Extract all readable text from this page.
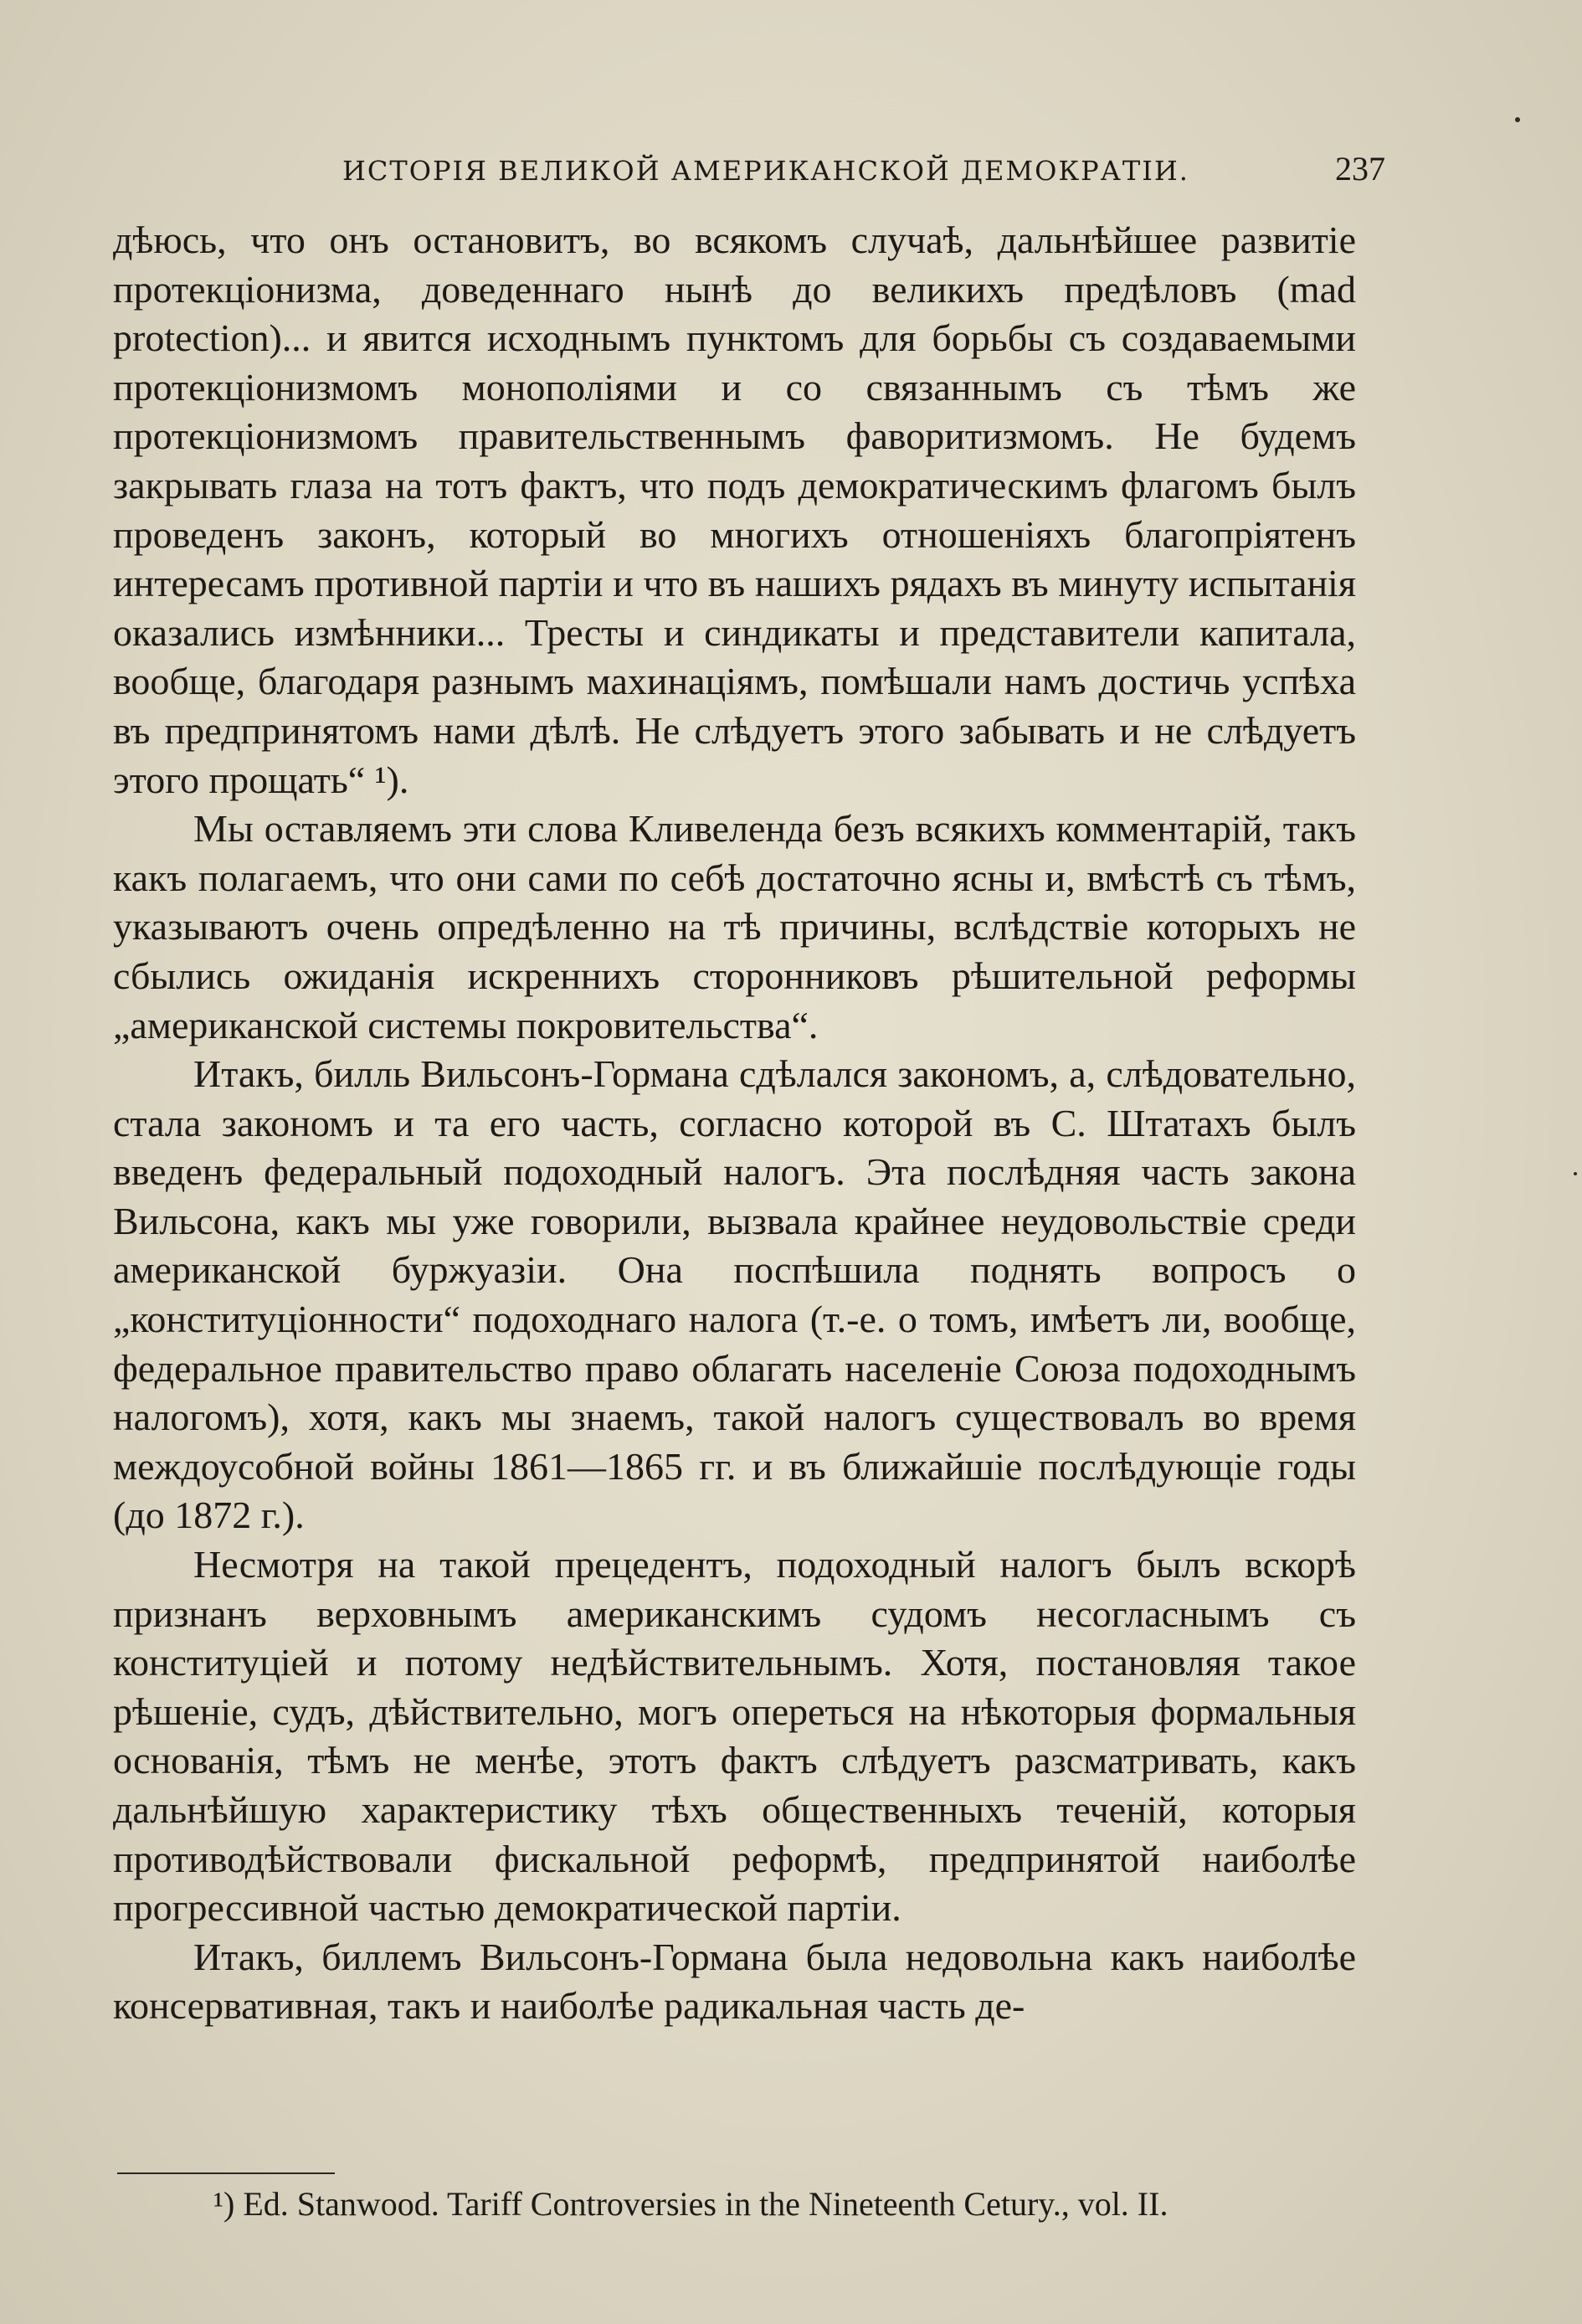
ИСТОРІЯ ВЕЛИКОЙ АМЕРИКАНСКОЙ ДЕМОКРАТІИ.	237

дѣюсь, что онъ остановитъ, во всякомъ случаѣ, дальнѣйшее развитіе протекціонизма, доведеннаго нынѣ до великихъ предѣловъ (mad protection)... и явится исходнымъ пунктомъ для борьбы съ создаваемыми протекціонизмомъ монополіями и со связаннымъ съ тѣмъ же протекціонизмомъ правительственнымъ фаворитизмомъ. Не будемъ закрывать глаза на тотъ фактъ, что подъ демократическимъ флагомъ былъ проведенъ законъ, который во многихъ отношеніяхъ благопріятенъ интересамъ противной партіи и что въ нашихъ рядахъ въ минуту испытанія оказались измѣнники... Тресты и синдикаты и представители капитала, вообще, благодаря разнымъ махинаціямъ, помѣшали намъ достичь успѣха въ предпринятомъ нами дѣлѣ. Не слѣдуетъ этого забывать и не слѣдуетъ этого прощать“ ¹).

Мы оставляемъ эти слова Кливеленда безъ всякихъ комментарій, такъ какъ полагаемъ, что они сами по себѣ достаточно ясны и, вмѣстѣ съ тѣмъ, указываютъ очень опредѣленно на тѣ причины, вслѣдствіе которыхъ не сбылись ожиданія искреннихъ сторонниковъ рѣшительной реформы „американской системы покровительства“.

Итакъ, билль Вильсонъ-Гормана сдѣлался закономъ, а, слѣдовательно, стала закономъ и та его часть, согласно которой въ С. Штатахъ былъ введенъ федеральный подоходный налогъ. Эта послѣдняя часть закона Вильсона, какъ мы уже говорили, вызвала крайнее неудовольствіе среди американской буржуазіи. Она поспѣшила поднять вопросъ о „конституціонности“ подоходнаго налога (т.-е. о томъ, имѣетъ ли, вообще, федеральное правительство право облагать населеніе Союза подоходнымъ налогомъ), хотя, какъ мы знаемъ, такой налогъ существовалъ во время междоусобной войны 1861—1865 гг. и въ ближайшіе послѣдующіе годы (до 1872 г.).

Несмотря на такой прецедентъ, подоходный налогъ былъ вскорѣ признанъ верховнымъ американскимъ судомъ несогласнымъ съ конституціей и потому недѣйствительнымъ. Хотя, постановляя такое рѣшеніе, судъ, дѣйствительно, могъ опереться на нѣкоторыя формальныя основанія, тѣмъ не менѣе, этотъ фактъ слѣдуетъ разсматривать, какъ дальнѣйшую характеристику тѣхъ общественныхъ теченій, которыя противодѣйствовали фискальной реформѣ, предпринятой наиболѣе прогрессивной частью демократической партіи.

Итакъ, биллемъ Вильсонъ-Гормана была недовольна какъ наиболѣе консервативная, такъ и наиболѣе радикальная часть де-

¹) Ed. Stanwood. Tariff Controversies in the Nineteenth Cetury., vol. II.
